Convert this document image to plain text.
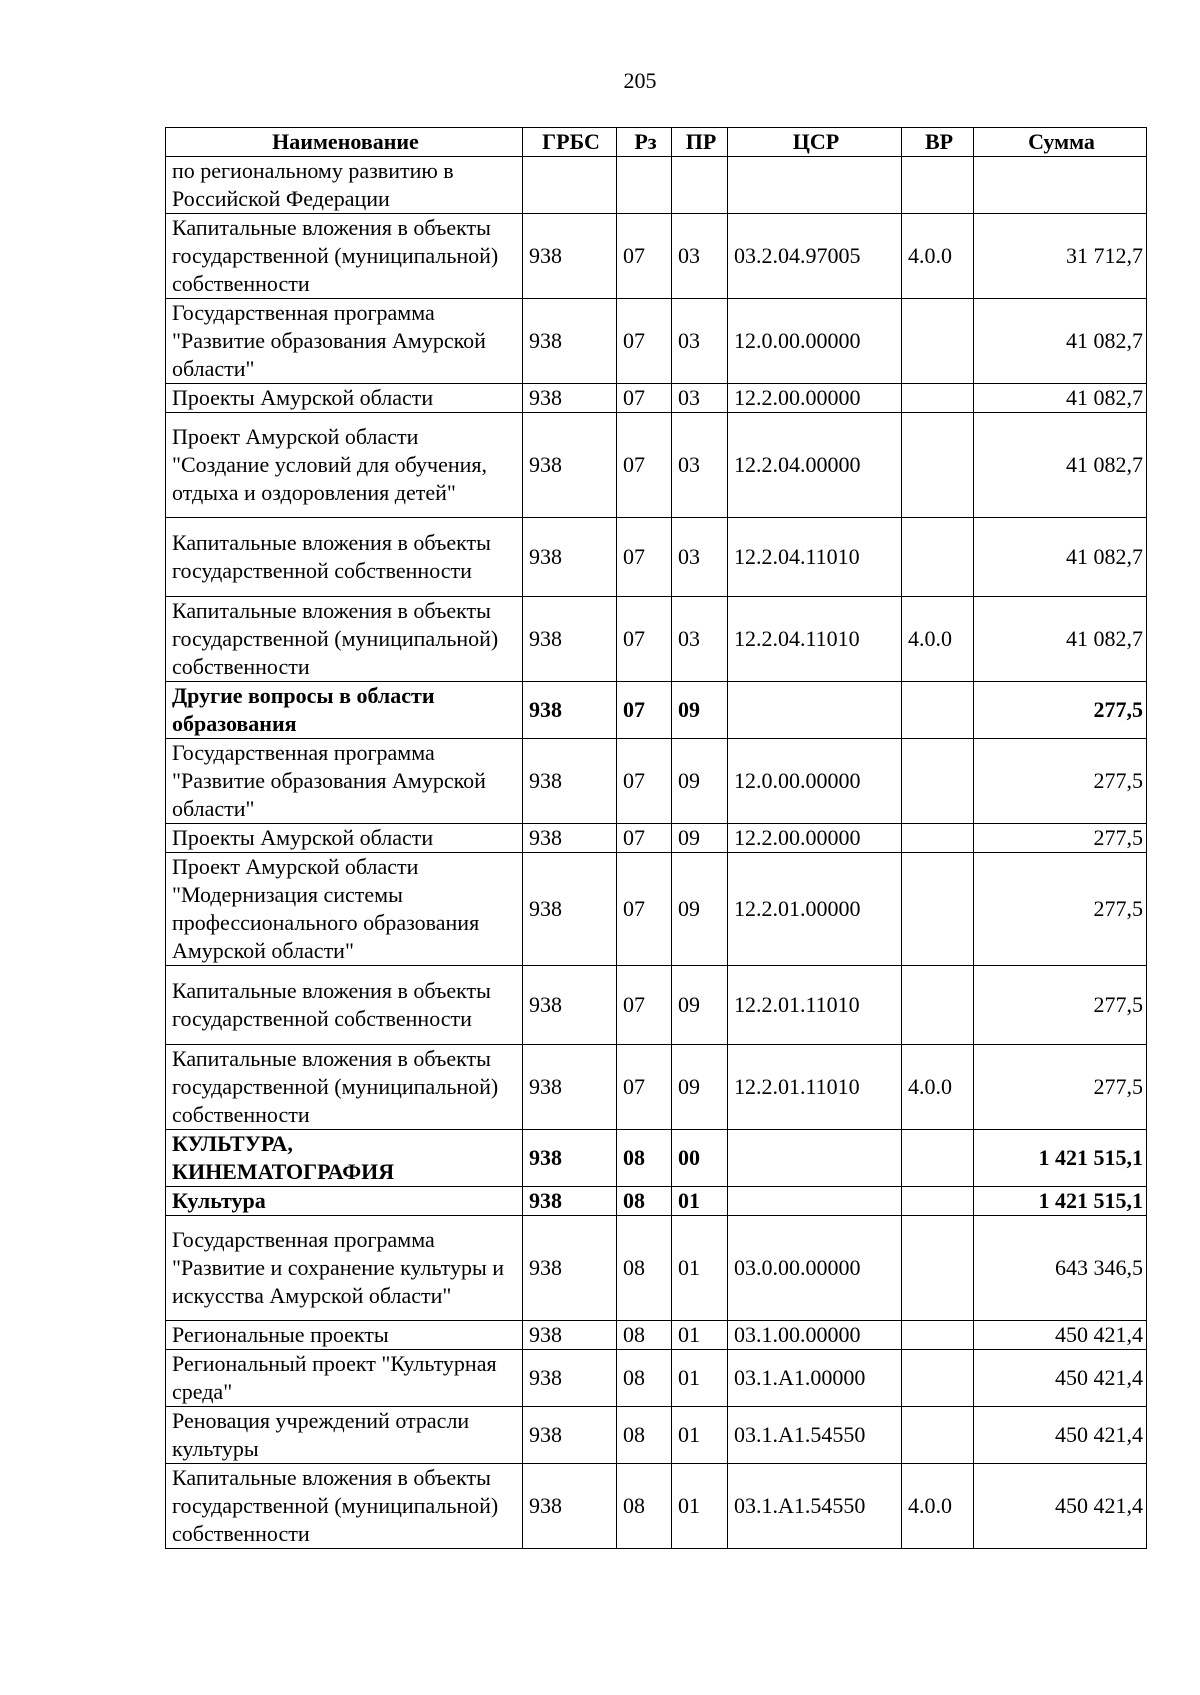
205
Наименование	ГРБС	Рз	ПР	ЦСР	ВР	Сумма
по региональному развитию в Российской Федерации						
Капитальные вложения в объекты государственной (муниципальной) собственности	938	07	03	03.2.04.97005	4.0.0	31 712,7
Государственная программа "Развитие образования Амурской области"	938	07	03	12.0.00.00000		41 082,7
Проекты Амурской области	938	07	03	12.2.00.00000		41 082,7
Проект Амурской области "Создание условий для обучения, отдыха и оздоровления детей"	938	07	03	12.2.04.00000		41 082,7
Капитальные вложения в объекты государственной собственности	938	07	03	12.2.04.11010		41 082,7
Капитальные вложения в объекты государственной (муниципальной) собственности	938	07	03	12.2.04.11010	4.0.0	41 082,7
Другие вопросы в области образования	938	07	09			277,5
Государственная программа "Развитие образования Амурской области"	938	07	09	12.0.00.00000		277,5
Проекты Амурской области	938	07	09	12.2.00.00000		277,5
Проект Амурской области "Модернизация системы профессионального образования Амурской области"	938	07	09	12.2.01.00000		277,5
Капитальные вложения в объекты государственной собственности	938	07	09	12.2.01.11010		277,5
Капитальные вложения в объекты государственной (муниципальной) собственности	938	07	09	12.2.01.11010	4.0.0	277,5
КУЛЬТУРА, КИНЕМАТОГРАФИЯ	938	08	00			1 421 515,1
Культура	938	08	01			1 421 515,1
Государственная программа "Развитие и сохранение культуры и искусства Амурской области"	938	08	01	03.0.00.00000		643 346,5
Региональные проекты	938	08	01	03.1.00.00000		450 421,4
Региональный проект "Культурная среда"	938	08	01	03.1.A1.00000		450 421,4
Реновация учреждений отрасли культуры	938	08	01	03.1.A1.54550		450 421,4
Капитальные вложения в объекты государственной (муниципальной) собственности	938	08	01	03.1.A1.54550	4.0.0	450 421,4
